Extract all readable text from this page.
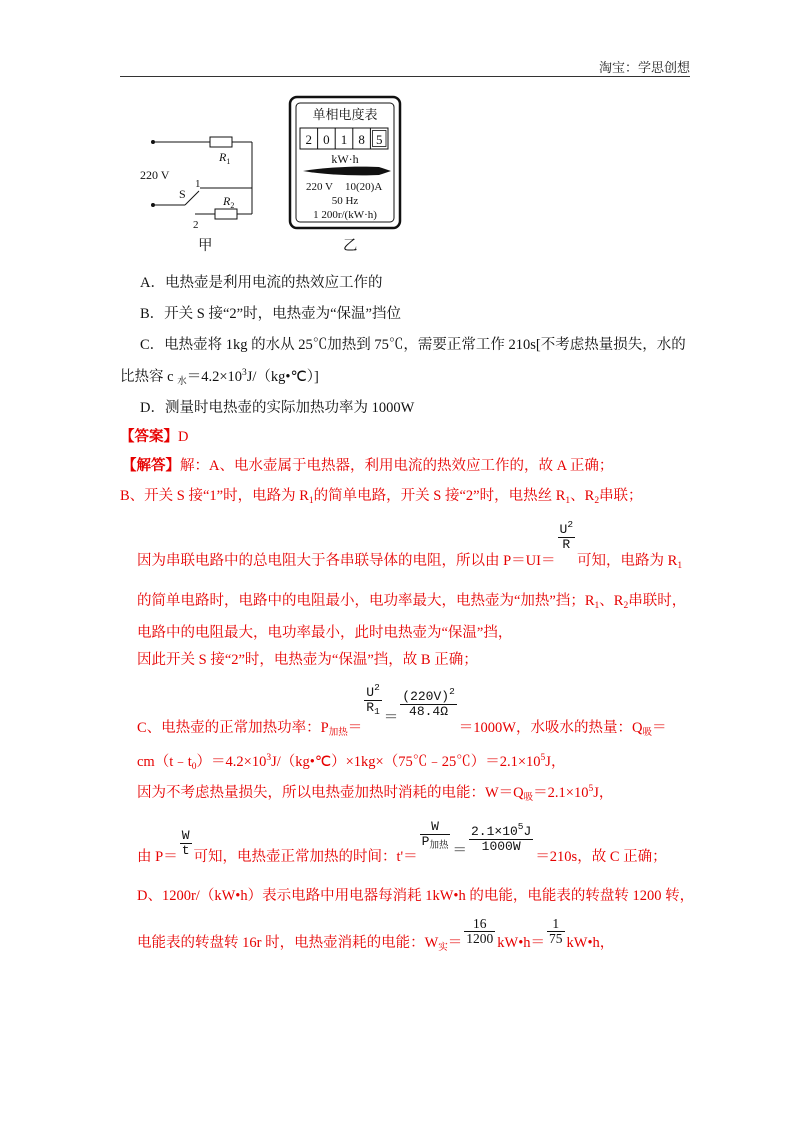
淘宝：学思创想
$R_1$
220 V
S
1
$R_2$
2
甲
单相电度表
2 0 1 8 5
kW·h
220 V 10(20)A
50 Hz
1 200r/(kW·h)
乙
A．电热壶是利用电流的热效应工作的
B．开关 S 接“2”时，电热壶为“保温”挡位
C．电热壶将 1kg 的水从 25℃加热到 75℃，需要正常工作 210s[不考虑热量损失，水的
比热容 c $_水=4.2\times 10^3J/(kg•℃)$]
D．测量时电热壶的实际加热功率为 1000W
【答案】D
【解答】解：A、电水壶属于电热器，利用电流的热效应工作的，故 A 正确；
B、开关 S 接“1”时，电路为 $R_1$的简单电路，开关 S 接“2”时，电热丝 $R_1$、$R_2$串联；
因为串联电路中的总电阻大于各串联导体的电阻，所以由 P＝UI＝
$\frac{U^2}{R}$
可知，电路为 $R_1$
的简单电路时，电路中的电阻最小，电功率最大，电热壶为“加热”挡；$R_1$、$R_2$串联时，
电路中的电阻最大，电功率最小，此时电热壶为“保温”挡，
因此开关 S 接“2”时，电热壶为“保温”挡，故 B 正确；
C、电热壶的正常加热功率：$P_{加热}=$
$\frac{U^2}{R_1}$
＝ $\frac{(220V)^2}{48.4\Omega}$
＝1000W，水吸水的热量：$Q_吸=$
$cm(t﹣t_0)=4.2\times 10^3J/(kg•℃)\times 1kg\times(75℃﹣25℃)=2.1\times 10^5J$，
因为不考虑热量损失，所以电热壶加热时消耗的电能：$W=Q_吸=2.1\times 10^5J$，
由 $P= \frac{W}{t}$ 可知，电热壶正常加热的时间：t'＝
$\frac{W}{P_{加热}}$
＝ $\frac{2.1\times 10^5J}{1000W}$
＝210s，故 C 正确；
D、1200r/（kW•h）表示电路中用电器每消耗 1kW•h 的电能，电能表的转盘转 1200 转，
电能表的转盘转 16r 时，电热壶消耗的电能：$W_实= \frac{16}{1200}$ kW•h＝ $\frac{1}{75}$ kW•h，
